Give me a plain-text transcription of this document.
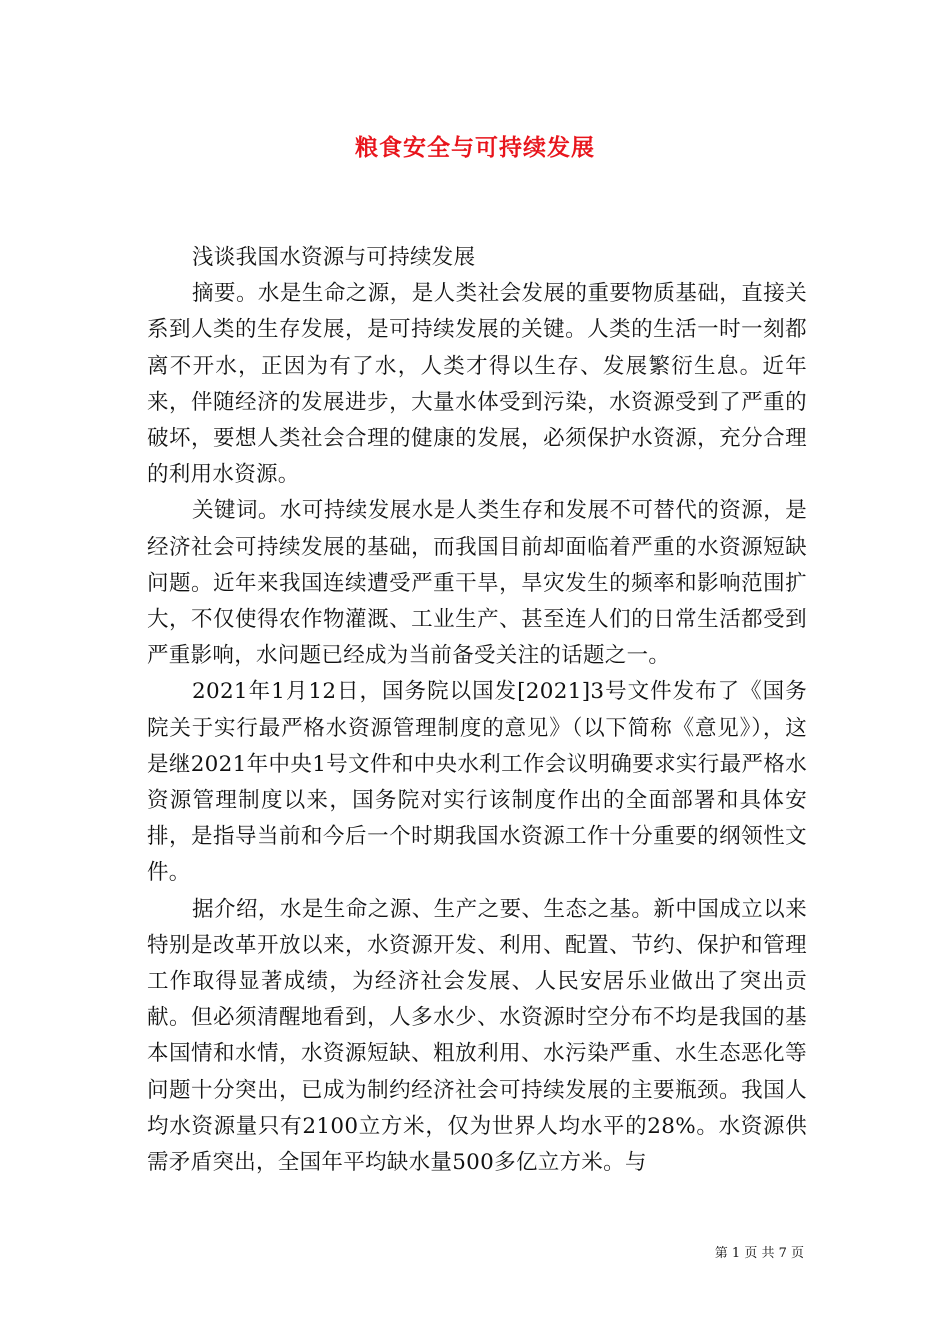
粮食安全与可持续发展

浅谈我国水资源与可持续发展

摘要。水是生命之源，是人类社会发展的重要物质基础，直接关系到人类的生存发展，是可持续发展的关键。人类的生活一时一刻都离不开水，正因为有了水，人类才得以生存、发展繁衍生息。近年来，伴随经济的发展进步，大量水体受到污染，水资源受到了严重的破坏，要想人类社会合理的健康的发展，必须保护水资源，充分合理的利用水资源。

关键词。水可持续发展水是人类生存和发展不可替代的资源，是经济社会可持续发展的基础，而我国目前却面临着严重的水资源短缺问题。近年来我国连续遭受严重干旱，旱灾发生的频率和影响范围扩大，不仅使得农作物灌溉、工业生产、甚至连人们的日常生活都受到严重影响，水问题已经成为当前备受关注的话题之一。

2021年1月12日，国务院以国发[2021]3号文件发布了《国务院关于实行最严格水资源管理制度的意见》（以下简称《意见》），这是继2021年中央1号文件和中央水利工作会议明确要求实行最严格水资源管理制度以来，国务院对实行该制度作出的全面部署和具体安排，是指导当前和今后一个时期我国水资源工作十分重要的纲领性文件。

据介绍，水是生命之源、生产之要、生态之基。新中国成立以来特别是改革开放以来，水资源开发、利用、配置、节约、保护和管理工作取得显著成绩，为经济社会发展、人民安居乐业做出了突出贡献。但必须清醒地看到，人多水少、水资源时空分布不均是我国的基本国情和水情，水资源短缺、粗放利用、水污染严重、水生态恶化等问题十分突出，已成为制约经济社会可持续发展的主要瓶颈。我国人均水资源量只有2100立方米，仅为世界人均水平的28%。水资源供需矛盾突出，全国年平均缺水量500多亿立方米。与

第 1 页 共 7 页
